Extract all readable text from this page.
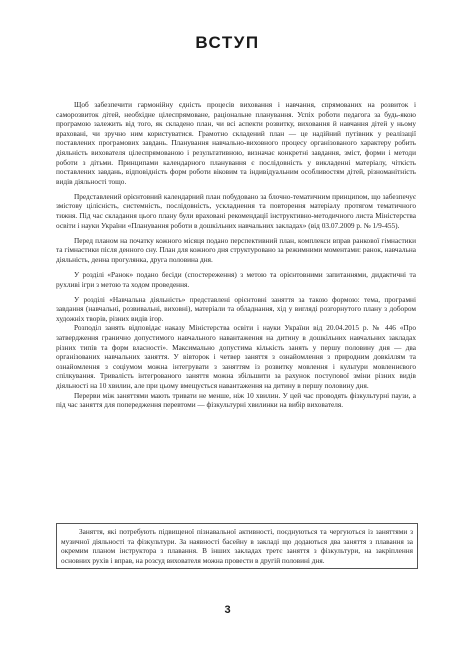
ВСТУП

Щоб забезпечити гармонійну єдність процесів виховання і навчання, спрямованих на розвиток і саморозвиток дітей, необхідне цілеспрямоване, раціональне планування. Успіх роботи педагога за будь-якою програмою залежить від того, як складено план, чи всі аспекти розвитку, виховання й навчання дітей у ньому враховані, чи зручно ним користуватися. Грамотно складений план — це надійний путівник у реалізації поставлених програмових завдань. Планування навчально-виховного процесу організованого характеру робить діяльність вихователя цілеспрямованою і результативною, визначає конкретні завдання, зміст, форми і методи роботи з дітьми. Принципами календарного планування є послідовність у викладенні матеріалу, чіткість поставлених завдань, відповідність форм роботи віковим та індивідуальним особливостям дітей, різноманітність видів діяльності тощо.

Представлений орієнтовний календарний план побудовано за блочно-тематичним принципом, що забезпечує змістову цілісність, системність, послідовність, ускладнення та повторення матеріалу протягом тематичного тижня. Під час складання цього плану були враховані рекомендації інструктивно-методичного листа Міністерства освіти і науки України «Планування роботи в дошкільних навчальних закладах» (від 03.07.2009 р. № 1/9-455).

Перед планом на початку кожного місяця подано перспективний план, комплекси вправ ранкової гімнастики та гімнастики після денного сну. План для кожного дня структуровано за режимними моментами: ранок, навчальна діяльність, денна прогулянка, друга половина дня.

У розділі «Ранок» подано бесіди (спостереження) з метою та орієнтовними запитаннями, дидактичні та рухливі ігри з метою та ходом проведення.

У розділі «Навчальна діяльність» представлені орієнтовні заняття за такою формою: тема, програмні завдання (навчальні, розвивальні, виховні), матеріали та обладнання, хід у вигляді розгорнутого плану з добором художніх творів, різних видів ігор.

Розподіл занять відповідає наказу Міністерства освіти і науки України від 20.04.2015 р. № 446 «Про затвердження гранично допустимого навчального навантаження на дитину в дошкільних навчальних закладах різних типів та форм власності». Максимально допустима кількість занять у першу половину дня — два організованих навчальних заняття. У вівторок і четвер заняття з ознайомлення з природним довкіллям та ознайомлення з соціумом можна інтегрувати з заняттям із розвитку мовлення і культури мовленнєвого спілкування. Тривалість інтегрованого заняття можна збільшити за рахунок поступової зміни різних видів діяльності на 10 хвилин, але при цьому вмещується навантаження на дитину в першу половину дня.

Перерви між заняттями мають тривати не менше, ніж 10 хвилин. У цей час проводять фізкультурні паузи, а під час заняття для попередження перевтоми — фізкультурні хвилинки на вибір вихователя.

Заняття, які потребують підвищеної пізнавальної активності, поєднуються та чергуються із заняттями з музичної діяльності та фізкультури. За наявності басейну в закладі що додаються два заняття з плавання за окремим планом інструктора з плавання. В інших закладах третє заняття з фізкультури, на закріплення основних рухів і вправ, на розсуд вихователя можна провести в другій половині дня.

3
